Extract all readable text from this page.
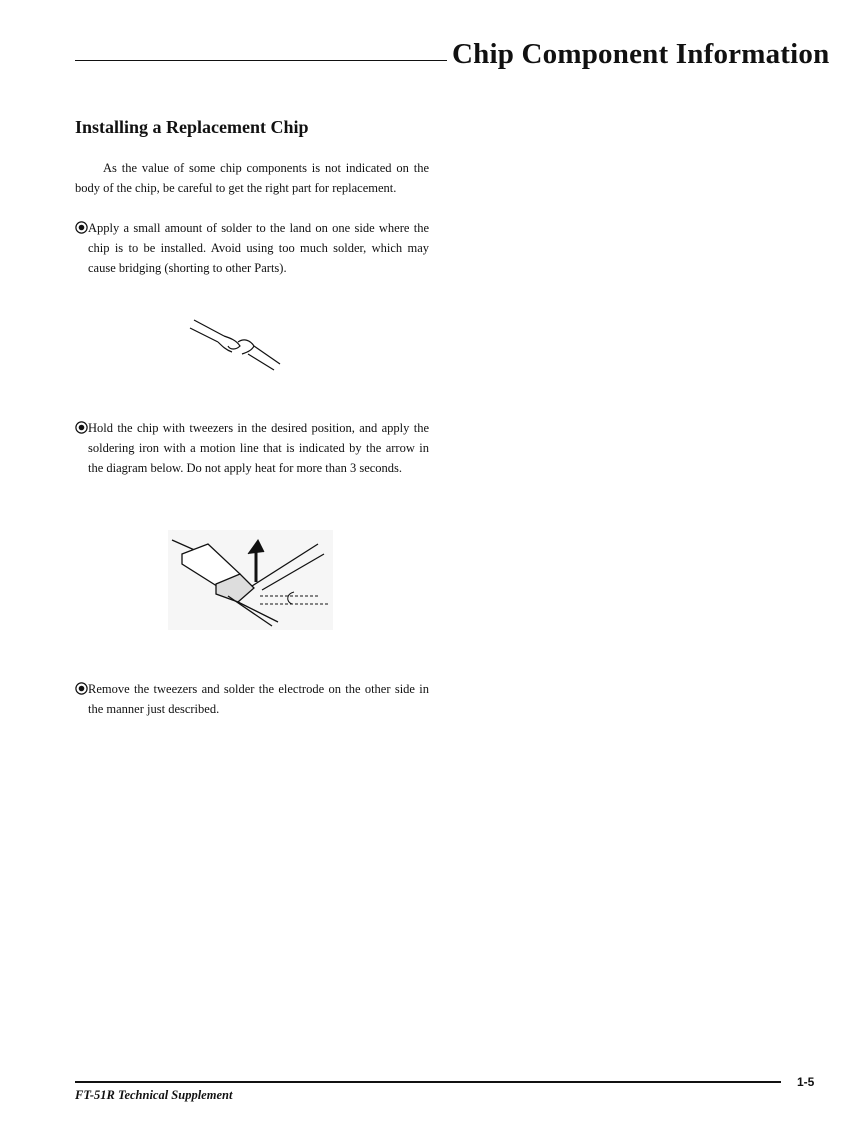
Chip Component Information
Installing a Replacement Chip
As the value of some chip components is not indicated on the body of the chip, be careful to get the right part for replacement.
Apply a small amount of solder to the land on one side where the chip is to be installed. Avoid using too much solder, which may cause bridging (shorting to other Parts).
Hold the chip with tweezers in the desired position, and apply the soldering iron with a motion line that is indicated by the arrow in the diagram below. Do not apply heat for more than 3 seconds.
Remove the tweezers and solder the electrode on the other side in the manner just described.
1-5
FT-51R Technical Supplement
